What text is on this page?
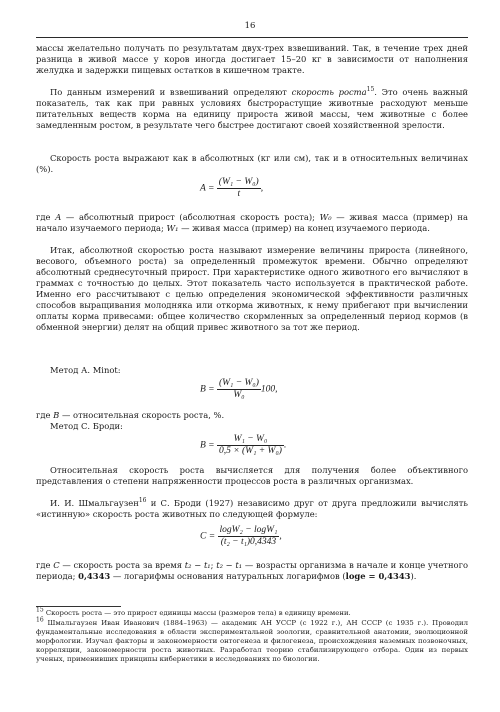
16

массы желательно получать по результатам двух-трех взвешиваний. Так, в течение трех дней разница в живой массе у коров иногда достигает 15–20 кг в зависимости от наполнения желудка и задержки пищевых остатков в кишечном тракте.

По данным измерений и взвешиваний определяют скорость роста$^{15}$. Это очень важный показатель, так как при равных условиях быстрорастущие животные расходуют меньше питательных веществ корма на единицу прироста живой массы, чем животные с более замедленным ростом, в результате чего быстрее достигают своей хозяйственной зрелости.

Скорость роста выражают как в абсолютных (кг или см), так и в относительных величинах (%).

$A = \frac{\text{(W₁ − W₀)}}{t}$ ,

где A — абсолютный прирост (абсолютная скорость роста); W₀ — живая масса (пример) на начало изучаемого периода; W₁ — живая масса (пример) на конец изучаемого периода.

Итак, абсолютной скоростью роста называют измерение величины прироста (линейного, весового, объемного роста) за определенный промежуток времени. Обычно определяют абсолютный среднесуточный прирост. При характеристике одного животного его вычисляют в граммах с точностью до целых. Этот показатель часто используется в практической работе. Именно его рассчитывают с целью определения экономической эффективности различных способов выращивания молодняка или откорма животных, к нему прибегают при вычислении оплаты корма привесами: общее количество скормленных за определенный период кормов (в обменной энергии) делят на общий привес животного за тот же период.

Метод А. Minot:
$B = \frac{\text{(W₁ − W₀)}}{\text{W₀}} 100$,

где B — относительная скорость роста, %.

Метод С. Броди:
$B = \frac{\text{W₁ − W₀}}{\text{0,5 × (W₁ + W₀)}}$ .

Относительная скорость роста вычисляется для получения более объективного представления о степени напряженности процессов роста в различных организмах.

И. И. Шмальгаузен$^{16}$ и С. Броди (1927) независимо друг от друга предложили вычислять «истинную» скорость роста животных по следующей формуле:

$C = \frac{\text{logW₂ − logW₁}}{\text{(t₂ − t₁)0,4343}}$ ,

где C — скорость роста за время t₂ − t₁; t₂ − t₁ — возрасты организма в начале и конце учетного периода; 0,4343 — логарифмы основания натуральных логарифмов (loge = 0,4343).

$^{15}$ Скорость роста — это прирост единицы массы (размеров тела) в единицу времени.

$^{16}$ Шмальгаузен Иван Иванович (1884–1963) — академик АН УССР (с 1922 г.), АН СССР (с 1935 г.). Проводил фундаментальные исследования в области экспериментальной зоологии, сравнительной анатомии, эволюционной морфологии. Изучал факторы и закономерности онтогенеза и филогенеза, происхождения наземных позвоночных, корреляции, закономерности роста животных. Разработал теорию стабилизирующего отбора. Один из первых ученых, применивших принципы кибернетики в исследованиях по биологии.
